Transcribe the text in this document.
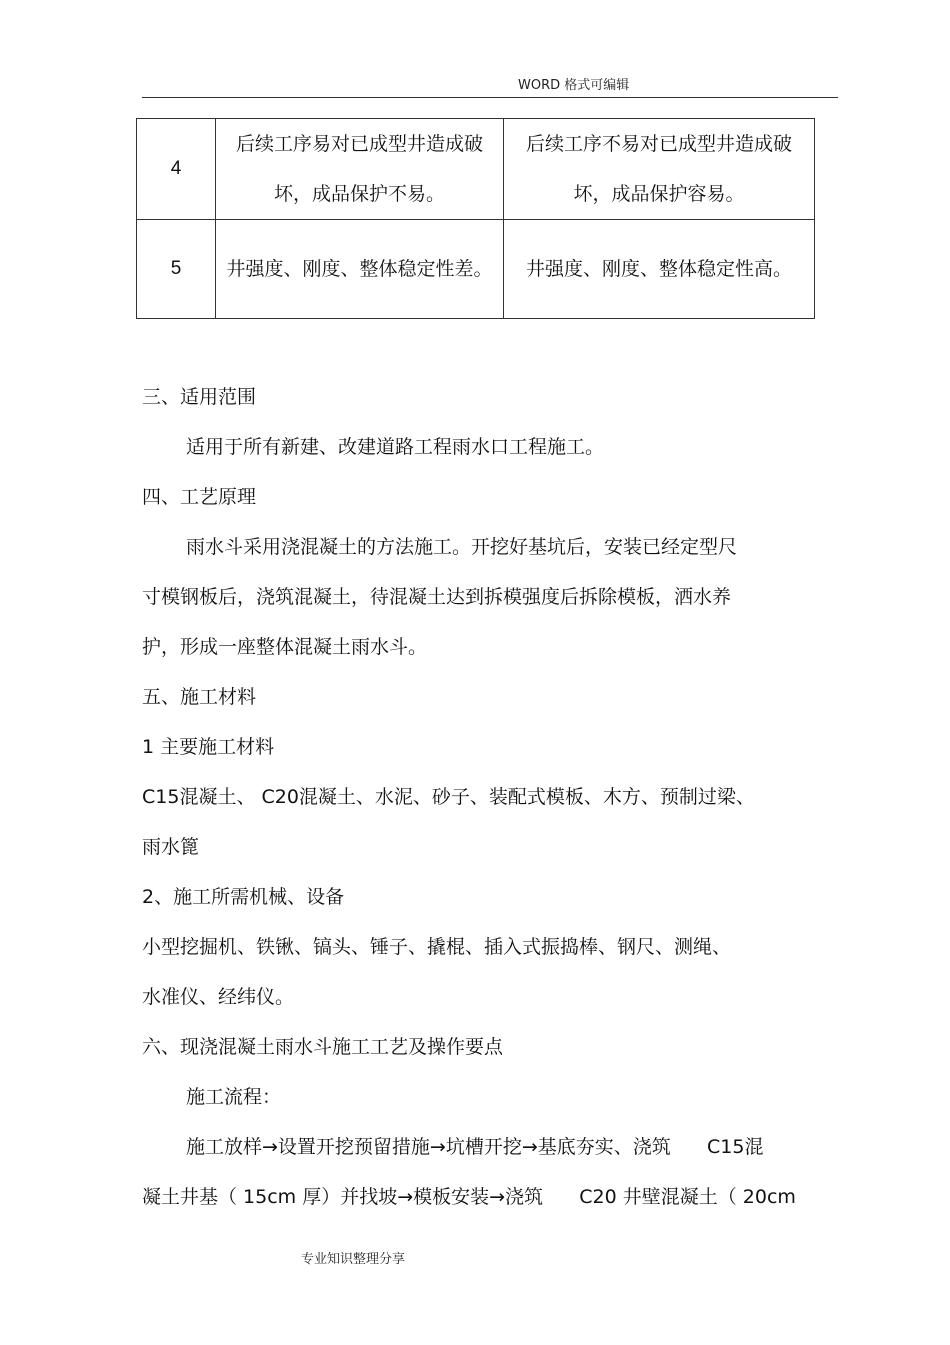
WORD 格式可编辑
4	后续工序易对已成型井造成破坏，成品保护不易。	后续工序不易对已成型井造成破坏，成品保护容易。
5	井强度、刚度、整体稳定性差。	井强度、刚度、整体稳定性高。
三、适用范围
适用于所有新建、改建道路工程雨水口工程施工。
四、工艺原理
雨水斗采用浇混凝土的方法施工。开挖好基坑后，安装已经定型尺
寸模钢板后，浇筑混凝土，待混凝土达到拆模强度后拆除模板，洒水养
护，形成一座整体混凝土雨水斗。
五、施工材料
1 主要施工材料
C15混凝土、 C20混凝土、水泥、砂子、装配式模板、木方、预制过梁、
雨水篦
2、施工所需机械、设备
小型挖掘机、铁锹、镐头、锤子、撬棍、插入式振捣棒、钢尺、测绳、
水准仪、经纬仪。
六、现浇混凝土雨水斗施工工艺及操作要点
施工流程：
施工放样→设置开挖预留措施→坑槽开挖→基底夯实、浇筑      C15混
凝土井基（ 15cm 厚）并找坡→模板安装→浇筑      C20 井壁混凝土（ 20cm
专业知识整理分享
